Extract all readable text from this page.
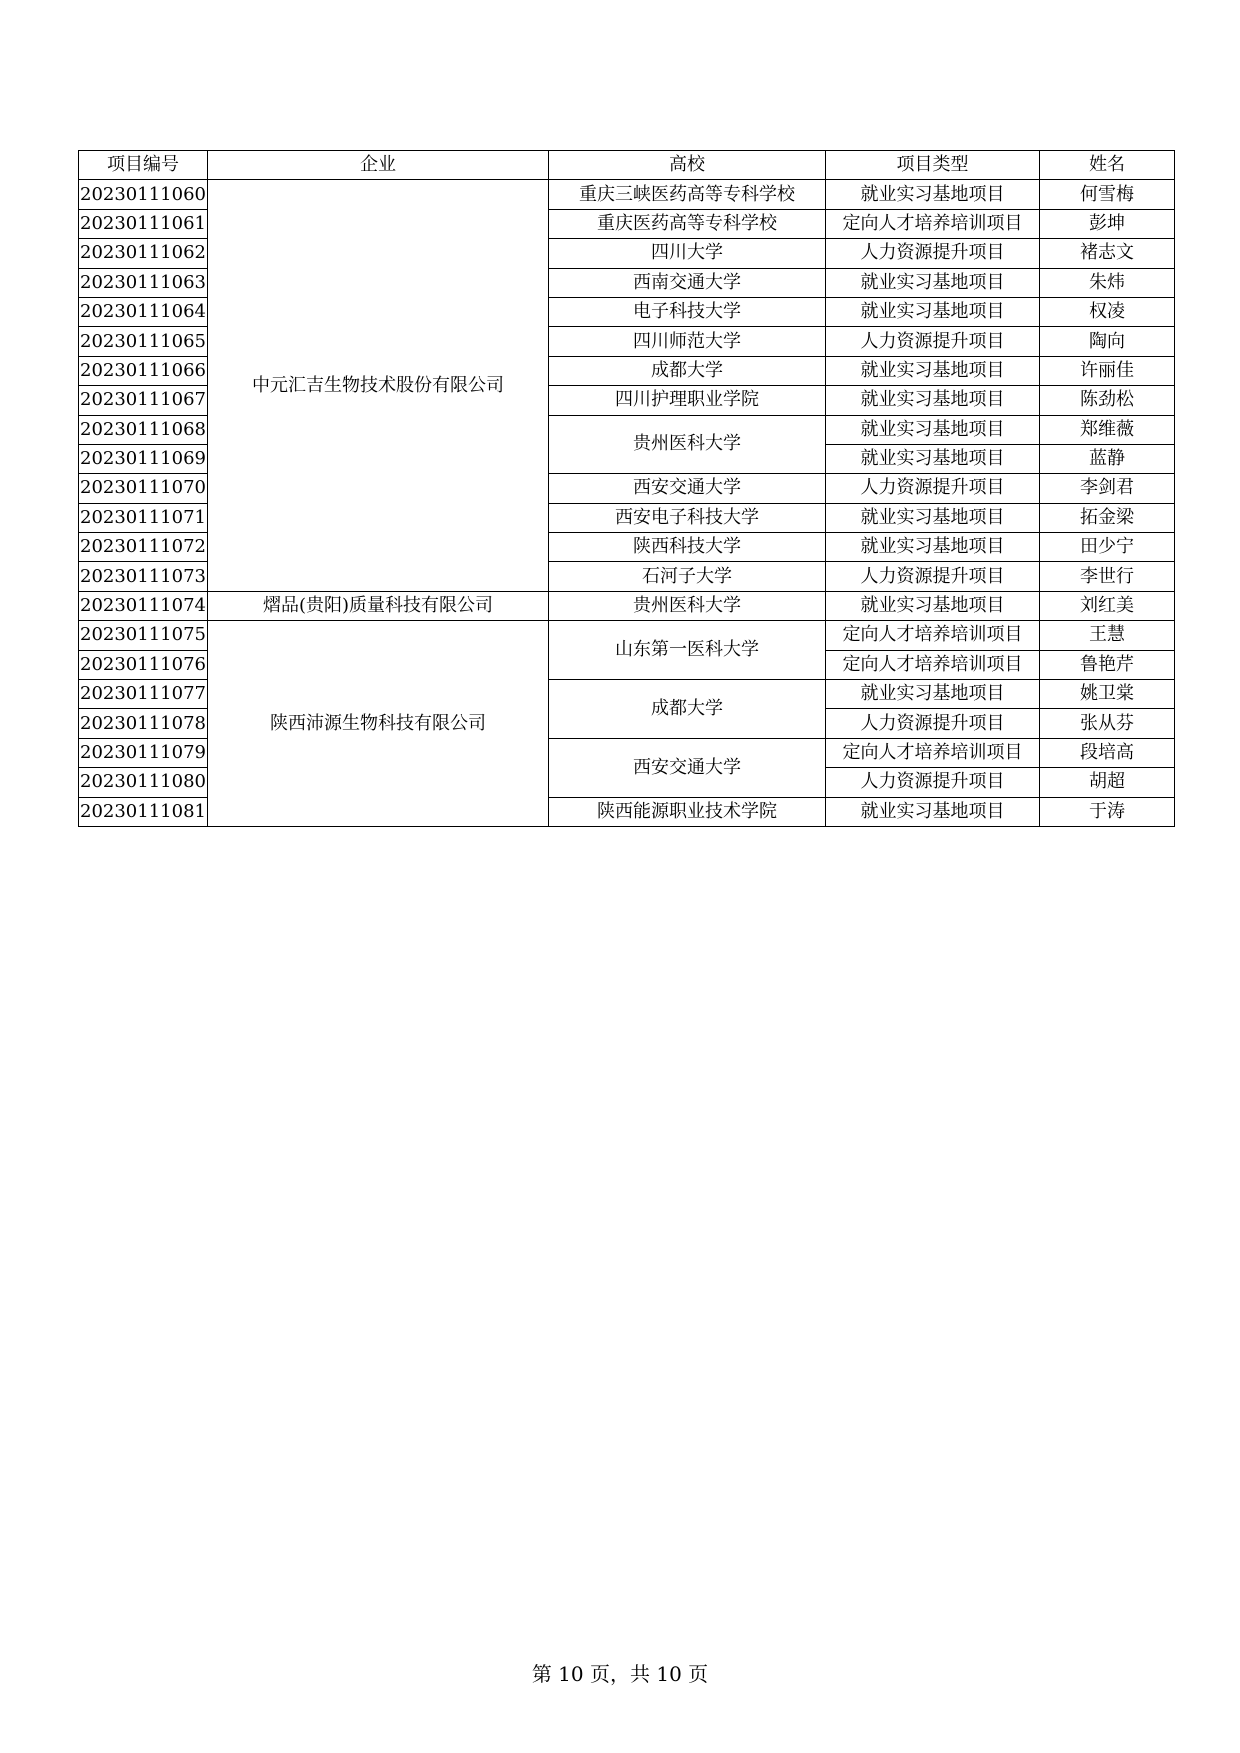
项目编号	企业	高校	项目类型	姓名
20230111060	中元汇吉生物技术股份有限公司	重庆三峡医药高等专科学校	就业实习基地项目	何雪梅
20230111061		重庆医药高等专科学校	定向人才培养培训项目	彭坤
20230111062		四川大学	人力资源提升项目	褚志文
20230111063		西南交通大学	就业实习基地项目	朱炜
20230111064		电子科技大学	就业实习基地项目	权凌
20230111065		四川师范大学	人力资源提升项目	陶向
20230111066		成都大学	就业实习基地项目	许丽佳
20230111067		四川护理职业学院	就业实习基地项目	陈劲松
20230111068		贵州医科大学	就业实习基地项目	郑维薇
20230111069			就业实习基地项目	蓝静
20230111070		西安交通大学	人力资源提升项目	李剑君
20230111071		西安电子科技大学	就业实习基地项目	拓金梁
20230111072		陕西科技大学	就业实习基地项目	田少宁
20230111073		石河子大学	人力资源提升项目	李世行
20230111074	熠品(贵阳)质量科技有限公司	贵州医科大学	就业实习基地项目	刘红美
20230111075	陕西沛源生物科技有限公司	山东第一医科大学	定向人才培养培训项目	王慧
20230111076			定向人才培养培训项目	鲁艳芹
20230111077		成都大学	就业实习基地项目	姚卫棠
20230111078			人力资源提升项目	张从芬
20230111079		西安交通大学	定向人才培养培训项目	段培高
20230111080			人力资源提升项目	胡超
20230111081		陕西能源职业技术学院	就业实习基地项目	于涛
第 10 页，共 10 页
